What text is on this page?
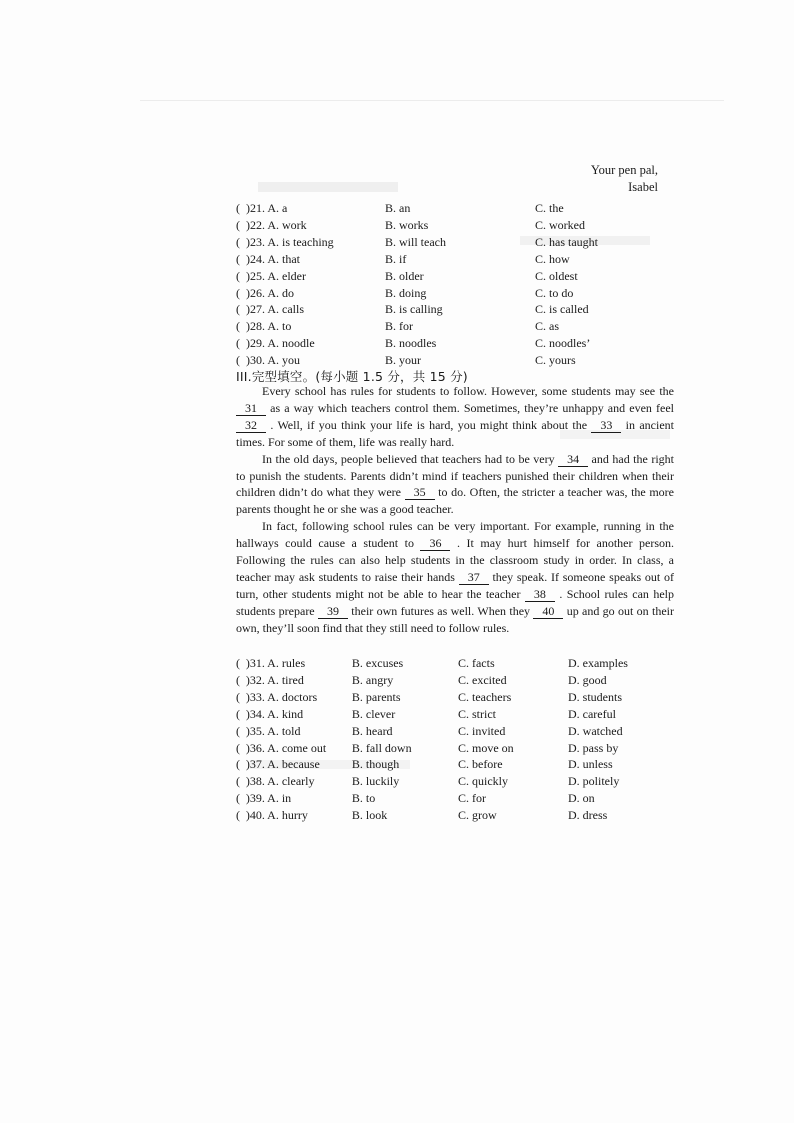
Your pen pal,
Isabel
( )21. A. a	B. an	C. the
( )22. A. work	B. works	C. worked
( )23. A. is teaching	B. will teach	C. has taught
( )24. A. that	B. if	C. how
( )25. A. elder	B. older	C. oldest
( )26. A. do	B. doing	C. to do
( )27. A. calls	B. is calling	C. is called
( )28. A. to	B. for	C. as
( )29. A. noodle	B. noodles	C. noodles’
( )30. A. you	B. your	C. yours
III.完型填空。(每小题 1.5 分，共 15 分)

Every school has rules for students to follow. However, some students may see the 31 as a way which teachers control them. Sometimes, they’re unhappy and even feel 32 . Well, if you think your life is hard, you might think about the 33 in ancient times. For some of them, life was really hard.

In the old days, people believed that teachers had to be very 34 and had the right to punish the students. Parents didn’t mind if teachers punished their children when their children didn’t do what they were 35 to do. Often, the stricter a teacher was, the more parents thought he or she was a good teacher.

In fact, following school rules can be very important. For example, running in the hallways could cause a student to 36 . It may hurt himself for another person. Following the rules can also help students in the classroom study in order. In class, a teacher may ask students to raise their hands 37 they speak. If someone speaks out of turn, other students might not be able to hear the teacher 38 . School rules can help students prepare 39 their own futures as well. When they 40 up and go out on their own, they’ll soon find that they still need to follow rules.

( )31. A. rules	B. excuses	C. facts	D. examples
( )32. A. tired	B. angry	C. excited	D. good
( )33. A. doctors	B. parents	C. teachers	D. students
( )34. A. kind	B. clever	C. strict	D. careful
( )35. A. told	B. heard	C. invited	D. watched
( )36. A. come out	B. fall down	C. move on	D. pass by
( )37. A. because	B. though	C. before	D. unless
( )38. A. clearly	B. luckily	C. quickly	D. politely
( )39. A. in	B. to	C. for	D. on
( )40. A. hurry	B. look	C. grow	D. dress
